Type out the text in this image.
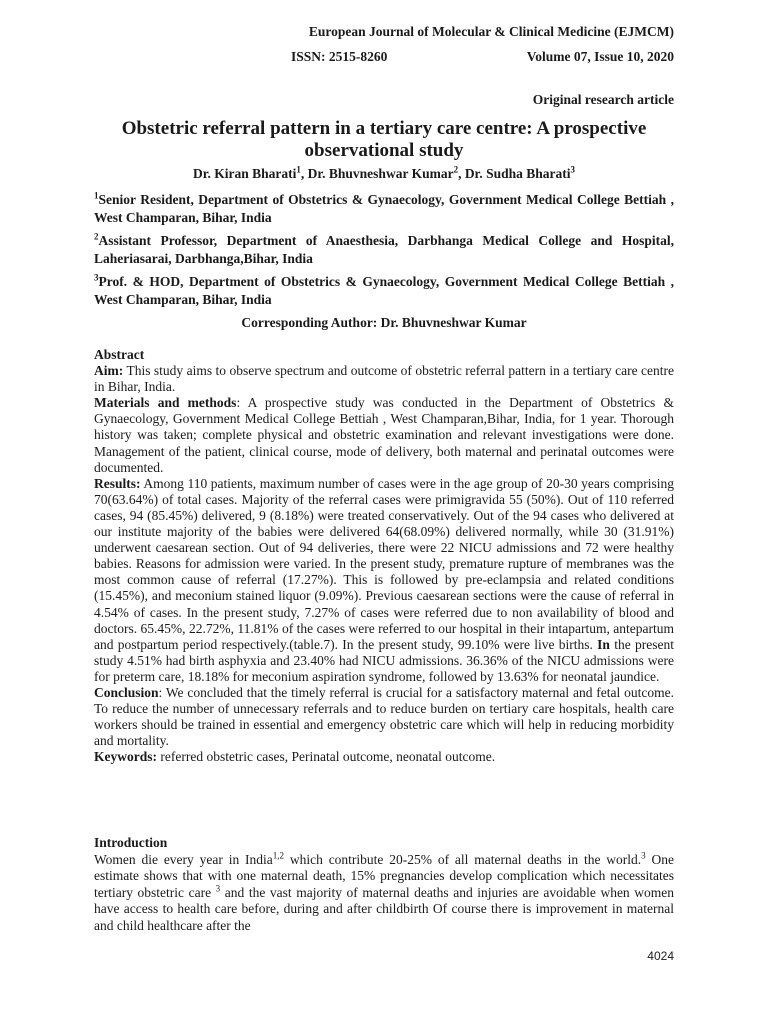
European Journal of Molecular & Clinical Medicine (EJMCM)
ISSN: 2515-8260	Volume 07, Issue 10, 2020
Original research article
Obstetric referral pattern in a tertiary care centre: A prospective observational study
Dr. Kiran Bharati$^1$, Dr. Bhuvneshwar Kumar$^2$, Dr. Sudha Bharati$^3$
$^1$Senior Resident, Department of Obstetrics & Gynaecology, Government Medical College Bettiah , West Champaran, Bihar, India
$^2$Assistant Professor, Department of Anaesthesia, Darbhanga Medical College and Hospital, Laheriasarai, Darbhanga,Bihar, India
$^3$Prof. & HOD, Department of Obstetrics & Gynaecology, Government Medical College Bettiah , West Champaran, Bihar, India
Corresponding Author: Dr. Bhuvneshwar Kumar

Abstract

Aim: This study aims to observe spectrum and outcome of obstetric referral pattern in a tertiary care centre in Bihar, India.

Materials and methods: A prospective study was conducted in the Department of Obstetrics & Gynaecology, Government Medical College Bettiah , West Champaran,Bihar, India, for 1 year. Thorough history was taken; complete physical and obstetric examination and relevant investigations were done. Management of the patient, clinical course, mode of delivery, both maternal and perinatal outcomes were documented.

Results: Among 110 patients, maximum number of cases were in the age group of 20-30 years comprising 70(63.64%) of total cases. Majority of the referral cases were primigravida 55 (50%). Out of 110 referred cases, 94 (85.45%) delivered, 9 (8.18%) were treated conservatively. Out of the 94 cases who delivered at our institute majority of the babies were delivered 64(68.09%) delivered normally, while 30 (31.91%) underwent caesarean section. Out of 94 deliveries, there were 22 NICU admissions and 72 were healthy babies. Reasons for admission were varied. In the present study, premature rupture of membranes was the most common cause of referral (17.27%). This is followed by pre-eclampsia and related conditions (15.45%), and meconium stained liquor (9.09%). Previous caesarean sections were the cause of referral in 4.54% of cases. In the present study, 7.27% of cases were referred due to non availability of blood and doctors. 65.45%, 22.72%, 11.81% of the cases were referred to our hospital in their intapartum, antepartum and postpartum period respectively.(table.7). In the present study, 99.10% were live births. In the present study 4.51% had birth asphyxia and 23.40% had NICU admissions. 36.36% of the NICU admissions were for preterm care, 18.18% for meconium aspiration syndrome, followed by 13.63% for neonatal jaundice.

Conclusion: We concluded that the timely referral is crucial for a satisfactory maternal and fetal outcome. To reduce the number of unnecessary referrals and to reduce burden on tertiary care hospitals, health care workers should be trained in essential and emergency obstetric care which will help in reducing morbidity and mortality.

Keywords: referred obstetric cases, Perinatal outcome, neonatal outcome.

Introduction

Women die every year in India$^{1,2}$ which contribute 20-25% of all maternal deaths in the world.$^3$ One estimate shows that with one maternal death, 15% pregnancies develop complication which necessitates tertiary obstetric care $^3$ and the vast majority of maternal deaths and injuries are avoidable when women have access to health care before, during and after childbirth Of course there is improvement in maternal and child healthcare after the

4024
